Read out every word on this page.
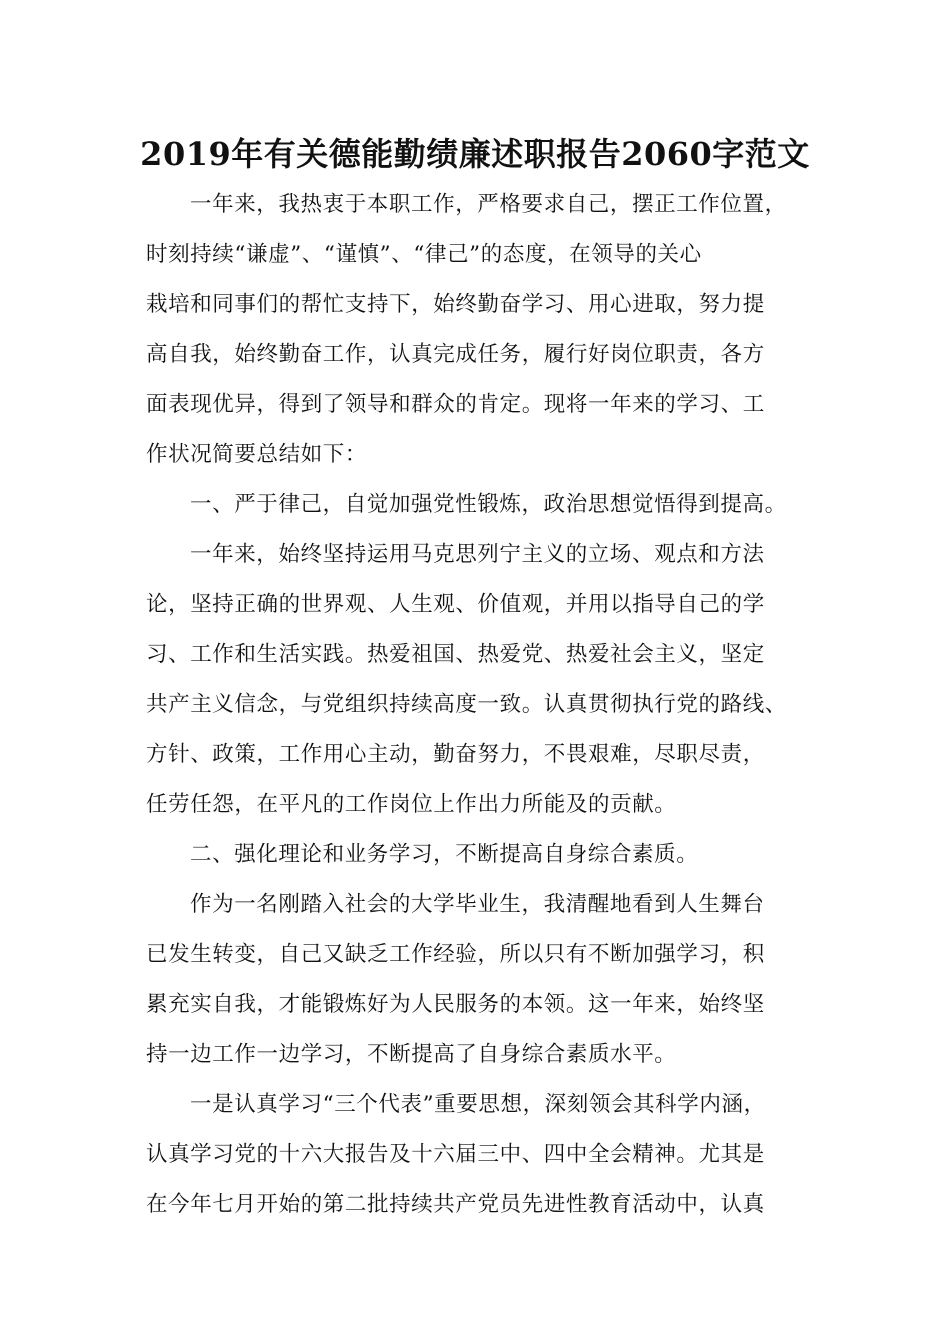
2019年有关德能勤绩廉述职报告2060字范文
一年来，我热衷于本职工作，严格要求自己，摆正工作位置，
时刻持续“谦虚”、“谨慎”、“律己”的态度，在领导的关心
栽培和同事们的帮忙支持下，始终勤奋学习、用心进取，努力提
高自我，始终勤奋工作，认真完成任务，履行好岗位职责，各方
面表现优异，得到了领导和群众的肯定。现将一年来的学习、工
作状况简要总结如下：
一、严于律己，自觉加强党性锻炼，政治思想觉悟得到提高。
一年来，始终坚持运用马克思列宁主义的立场、观点和方法
论，坚持正确的世界观、人生观、价值观，并用以指导自己的学
习、工作和生活实践。热爱祖国、热爱党、热爱社会主义，坚定
共产主义信念，与党组织持续高度一致。认真贯彻执行党的路线、
方针、政策，工作用心主动，勤奋努力，不畏艰难，尽职尽责，
任劳任怨，在平凡的工作岗位上作出力所能及的贡献。
二、强化理论和业务学习，不断提高自身综合素质。
作为一名刚踏入社会的大学毕业生，我清醒地看到人生舞台
已发生转变，自己又缺乏工作经验，所以只有不断加强学习，积
累充实自我，才能锻炼好为人民服务的本领。这一年来，始终坚
持一边工作一边学习，不断提高了自身综合素质水平。
一是认真学习“三个代表”重要思想，深刻领会其科学内涵，
认真学习党的十六大报告及十六届三中、四中全会精神。尤其是
在今年七月开始的第二批持续共产党员先进性教育活动中，认真
